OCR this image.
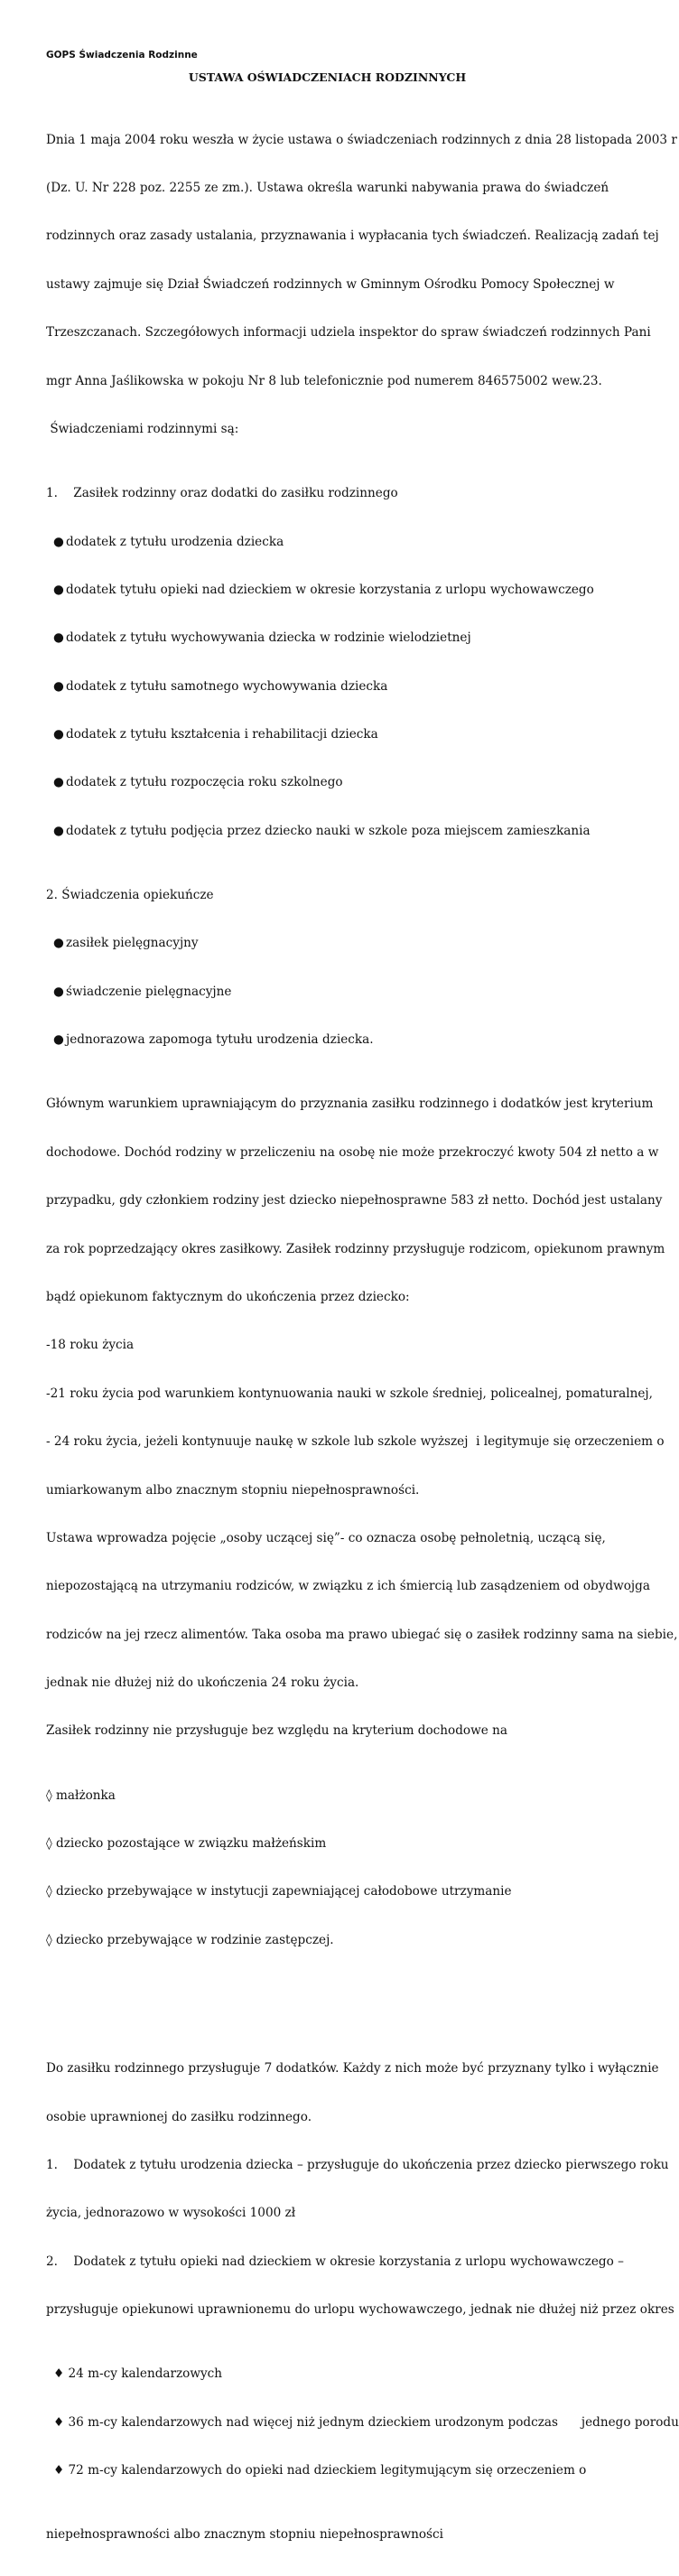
GOPS Świadczenia Rodzinne
USTAWA OŚWIADCZENIACH RODZINNYCH

Dnia 1 maja 2004 roku weszła w życie ustawa o świadczeniach rodzinnych z dnia 28 listopada 2003 r

(Dz. U. Nr 228 poz. 2255 ze zm.). Ustawa określa warunki nabywania prawa do świadczeń

rodzinnych oraz zasady ustalania, przyznawania i wypłacania tych świadczeń. Realizacją zadań tej

ustawy zajmuje się Dział Świadczeń rodzinnych w Gminnym Ośrodku Pomocy Społecznej w

Trzeszczanach. Szczegółowych informacji udziela inspektor do spraw świadczeń rodzinnych Pani

mgr Anna Jaślikowska w pokoju Nr 8 lub telefonicznie pod numerem 846575002 wew.23.

Świadczeniami rodzinnymi są:

1.    Zasiłek rodzinny oraz dodatki do zasiłku rodzinnego

● dodatek z tytułu urodzenia dziecka

● dodatek tytułu opieki nad dzieckiem w okresie korzystania z urlopu wychowawczego

● dodatek z tytułu wychowywania dziecka w rodzinie wielodzietnej

● dodatek z tytułu samotnego wychowywania dziecka

● dodatek z tytułu kształcenia i rehabilitacji dziecka

● dodatek z tytułu rozpoczęcia roku szkolnego

● dodatek z tytułu podjęcia przez dziecko nauki w szkole poza miejscem zamieszkania

2. Świadczenia opiekuńcze

● zasiłek pielęgnacyjny

● świadczenie pielęgnacyjne

● jednorazowa zapomoga tytułu urodzenia dziecka.

Głównym warunkiem uprawniającym do przyznania zasiłku rodzinnego i dodatków jest kryterium

dochodowe. Dochód rodziny w przeliczeniu na osobę nie może przekroczyć kwoty 504 zł netto a w

przypadku, gdy członkiem rodziny jest dziecko niepełnosprawne 583 zł netto. Dochód jest ustalany

za rok poprzedzający okres zasiłkowy. Zasiłek rodzinny przysługuje rodzicom, opiekunom prawnym

bądź opiekunom faktycznym do ukończenia przez dziecko:

-18 roku życia

-21 roku życia pod warunkiem kontynuowania nauki w szkole średniej, policealnej, pomaturalnej,

- 24 roku życia, jeżeli kontynuuje naukę w szkole lub szkole wyższej  i legitymuje się orzeczeniem o

umiarkowanym albo znacznym stopniu niepełnosprawności.

Ustawa wprowadza pojęcie „osoby uczącej się”- co oznacza osobę pełnoletnią, uczącą się,

niepozostającą na utrzymaniu rodziców, w związku z ich śmiercią lub zasądzeniem od obydwojga

rodziców na jej rzecz alimentów. Taka osoba ma prawo ubiegać się o zasiłek rodzinny sama na siebie,

jednak nie dłużej niż do ukończenia 24 roku życia.

Zasiłek rodzinny nie przysługuje bez względu na kryterium dochodowe na

◊ małżonka

◊ dziecko pozostające w związku małżeńskim

◊ dziecko przebywające w instytucji zapewniającej całodobowe utrzymanie

◊ dziecko przebywające w rodzinie zastępczej.

Do zasiłku rodzinnego przysługuje 7 dodatków. Każdy z nich może być przyznany tylko i wyłącznie

osobie uprawnionej do zasiłku rodzinnego.

1.    Dodatek z tytułu urodzenia dziecka – przysługuje do ukończenia przez dziecko pierwszego roku

życia, jednorazowo w wysokości 1000 zł

2.    Dodatek z tytułu opieki nad dzieckiem w okresie korzystania z urlopu wychowawczego –

przysługuje opiekunowi uprawnionemu do urlopu wychowawczego, jednak nie dłużej niż przez okres

♦ 24 m-cy kalendarzowych

♦ 36 m-cy kalendarzowych nad więcej niż jednym dzieckiem urodzonym podczas      jednego porodu

♦ 72 m-cy kalendarzowych do opieki nad dzieckiem legitymującym się orzeczeniem o

niepełnosprawności albo znacznym stopniu niepełnosprawności
